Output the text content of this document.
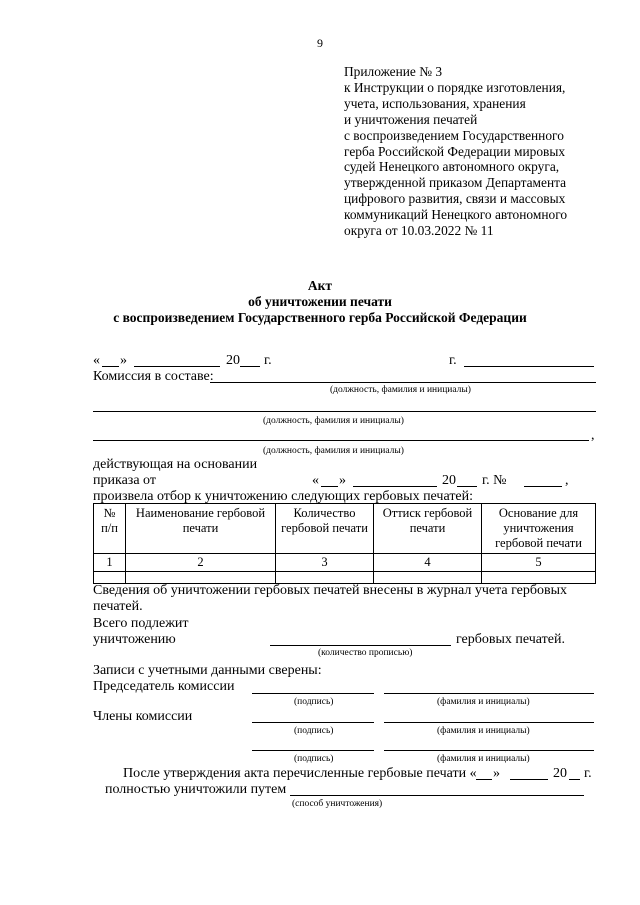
9
Приложение № 3
к Инструкции о порядке изготовления,
учета, использования, хранения
и уничтожения печатей
с воспроизведением Государственного
герба Российской Федерации мировых
судей Ненецкого автономного округа,
утвержденной приказом Департамента
цифрового развития, связи и массовых
коммуникаций Ненецкого автономного
округа от 10.03.2022 № 11
Акт
об уничтожении печати
с воспроизведением Государственного герба Российской Федерации
« »	20 г.	г.
Комиссия в составе:
(должность, фамилия и инициалы)
(должность, фамилия и инициалы)
,
(должность, фамилия и инициалы)
действующая на основании
приказа от	« »	20 г. №	,
произвела отбор к уничтожению следующих гербовых печатей:
№ п/п	Наименование гербовой печати	Количество гербовой печати	Оттиск гербовой печати	Основание для уничтожения гербовой печати
1	2	3	4	5

Сведения об уничтожении гербовых печатей внесены в журнал учета гербовых
печатей.
Всего подлежит
уничтожению	гербовых печатей.
(количество прописью)
Записи с учетными данными сверены:
Председатель комиссии
(подпись)	(фамилия и инициалы)
Члены комиссии
(подпись)	(фамилия и инициалы)
(подпись)	(фамилия и инициалы)
После утверждения акта перечисленные гербовые печати « »	20 г.
полностью уничтожили путем
(способ уничтожения)
